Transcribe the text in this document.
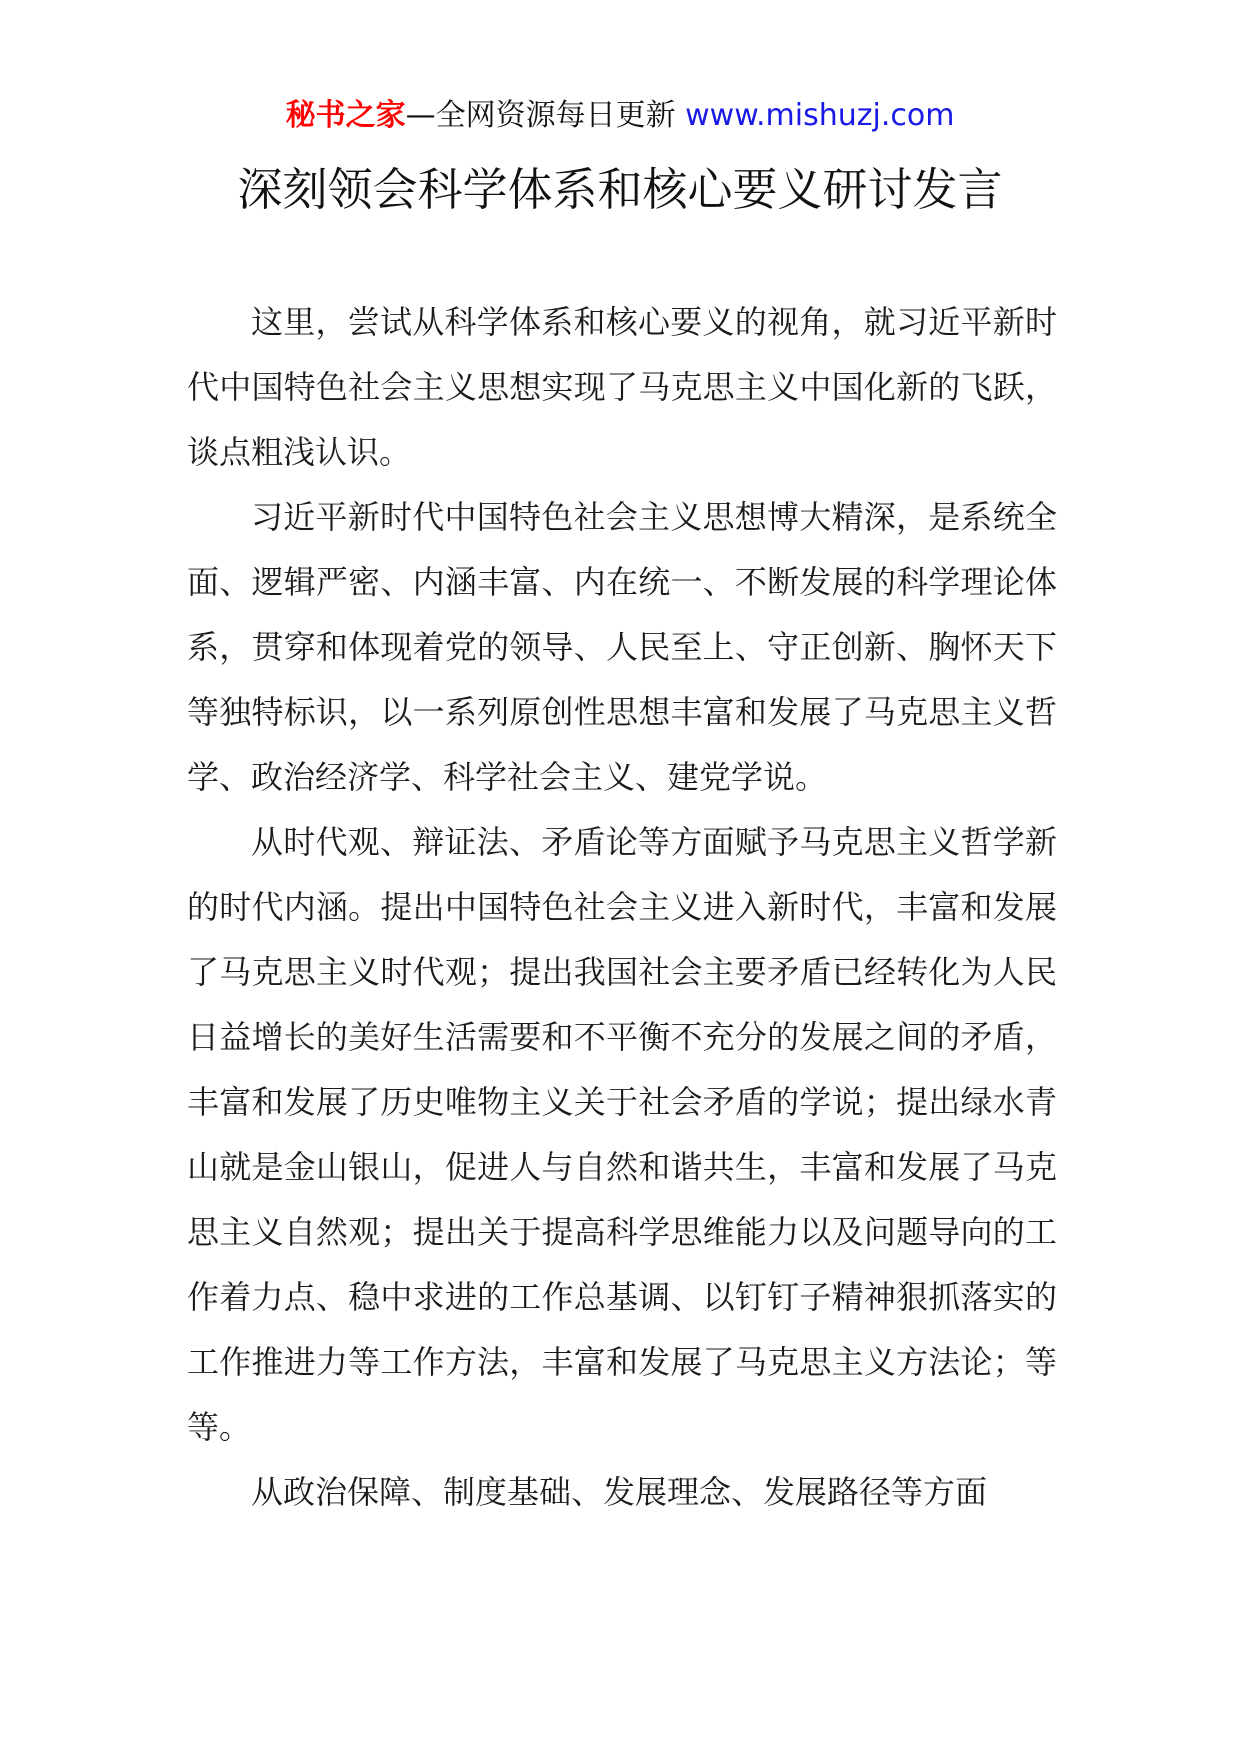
秘书之家—全网资源每日更新 www.mishuzj.com
深刻领会科学体系和核心要义研讨发言

这里，尝试从科学体系和核心要义的视角，就习近平新时代中国特色社会主义思想实现了马克思主义中国化新的飞跃，谈点粗浅认识。

习近平新时代中国特色社会主义思想博大精深，是系统全面、逻辑严密、内涵丰富、内在统一、不断发展的科学理论体系，贯穿和体现着党的领导、人民至上、守正创新、胸怀天下等独特标识，以一系列原创性思想丰富和发展了马克思主义哲学、政治经济学、科学社会主义、建党学说。

从时代观、辩证法、矛盾论等方面赋予马克思主义哲学新的时代内涵。提出中国特色社会主义进入新时代，丰富和发展了马克思主义时代观；提出我国社会主要矛盾已经转化为人民日益增长的美好生活需要和不平衡不充分的发展之间的矛盾，丰富和发展了历史唯物主义关于社会矛盾的学说；提出绿水青山就是金山银山，促进人与自然和谐共生，丰富和发展了马克思主义自然观；提出关于提高科学思维能力以及问题导向的工作着力点、稳中求进的工作总基调、以钉钉子精神狠抓落实的工作推进力等工作方法，丰富和发展了马克思主义方法论；等等。

从政治保障、制度基础、发展理念、发展路径等方面
